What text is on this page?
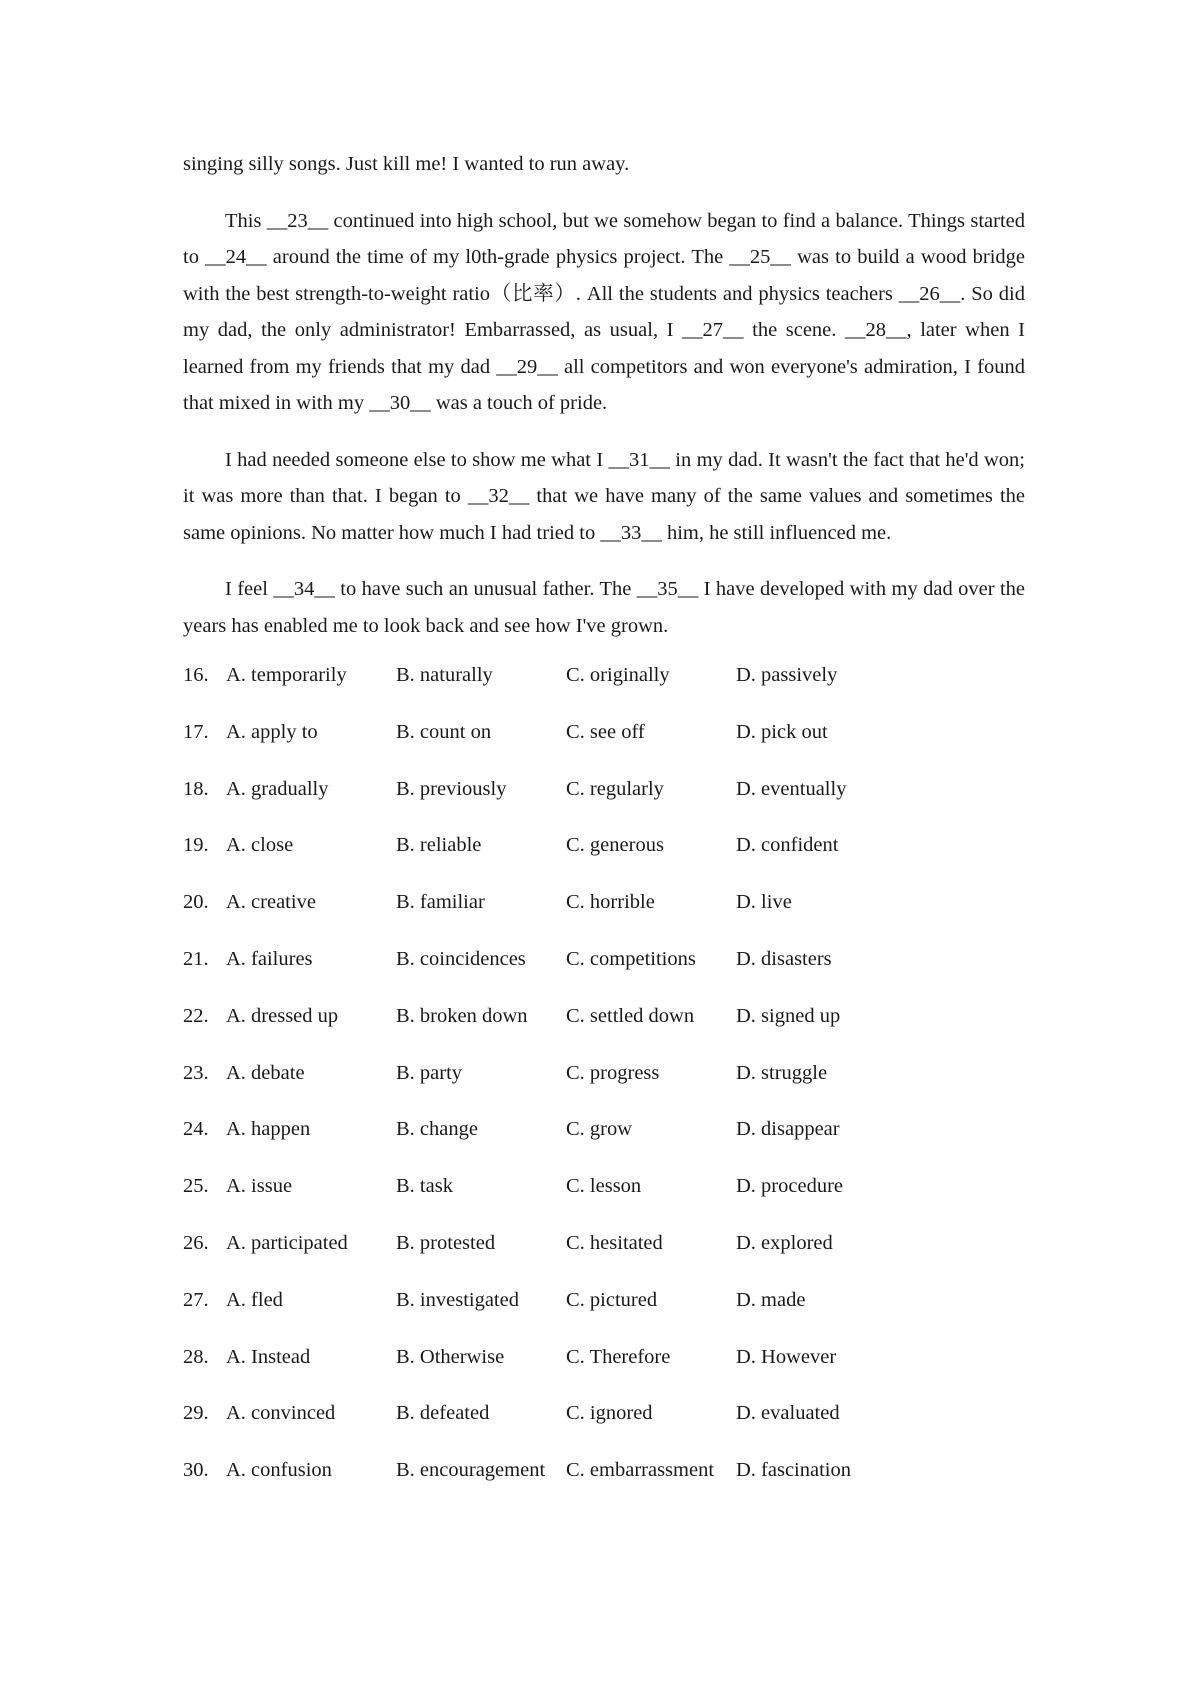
singing silly songs. Just kill me! I wanted to run away.

This __23__ continued into high school, but we somehow began to find a balance. Things started to __24__ around the time of my l0th-grade physics project. The __25__ was to build a wood bridge with the best strength-to-weight ratio（比率）. All the students and physics teachers __26__. So did my dad, the only administrator! Embarrassed, as usual, I __27__ the scene. __28__, later when I learned from my friends that my dad __29__ all competitors and won everyone's admiration, I found that mixed in with my __30__ was a touch of pride.

I had needed someone else to show me what I __31__ in my dad. It wasn't the fact that he'd won; it was more than that. I began to __32__ that we have many of the same values and sometimes the same opinions. No matter how much I had tried to __33__ him, he still influenced me.

I feel __34__ to have such an unusual father. The __35__ I have developed with my dad over the years has enabled me to look back and see how I've grown.

16. A. temporarily	B. naturally	C. originally	D. passively
17. A. apply to	B. count on	C. see off	D. pick out
18. A. gradually	B. previously	C. regularly	D. eventually
19. A. close	B. reliable	C. generous	D. confident
20. A. creative	B. familiar	C. horrible	D. live
21. A. failures	B. coincidences	C. competitions	D. disasters
22. A. dressed up	B. broken down	C. settled down	D. signed up
23. A. debate	B. party	C. progress	D. struggle
24. A. happen	B. change	C. grow	D. disappear
25. A. issue	B. task	C. lesson	D. procedure
26. A. participated	B. protested	C. hesitated	D. explored
27. A. fled	B. investigated	C. pictured	D. made
28. A. Instead	B. Otherwise	C. Therefore	D. However
29. A. convinced	B. defeated	C. ignored	D. evaluated
30. A. confusion	B. encouragement	C. embarrassment	D. fascination
